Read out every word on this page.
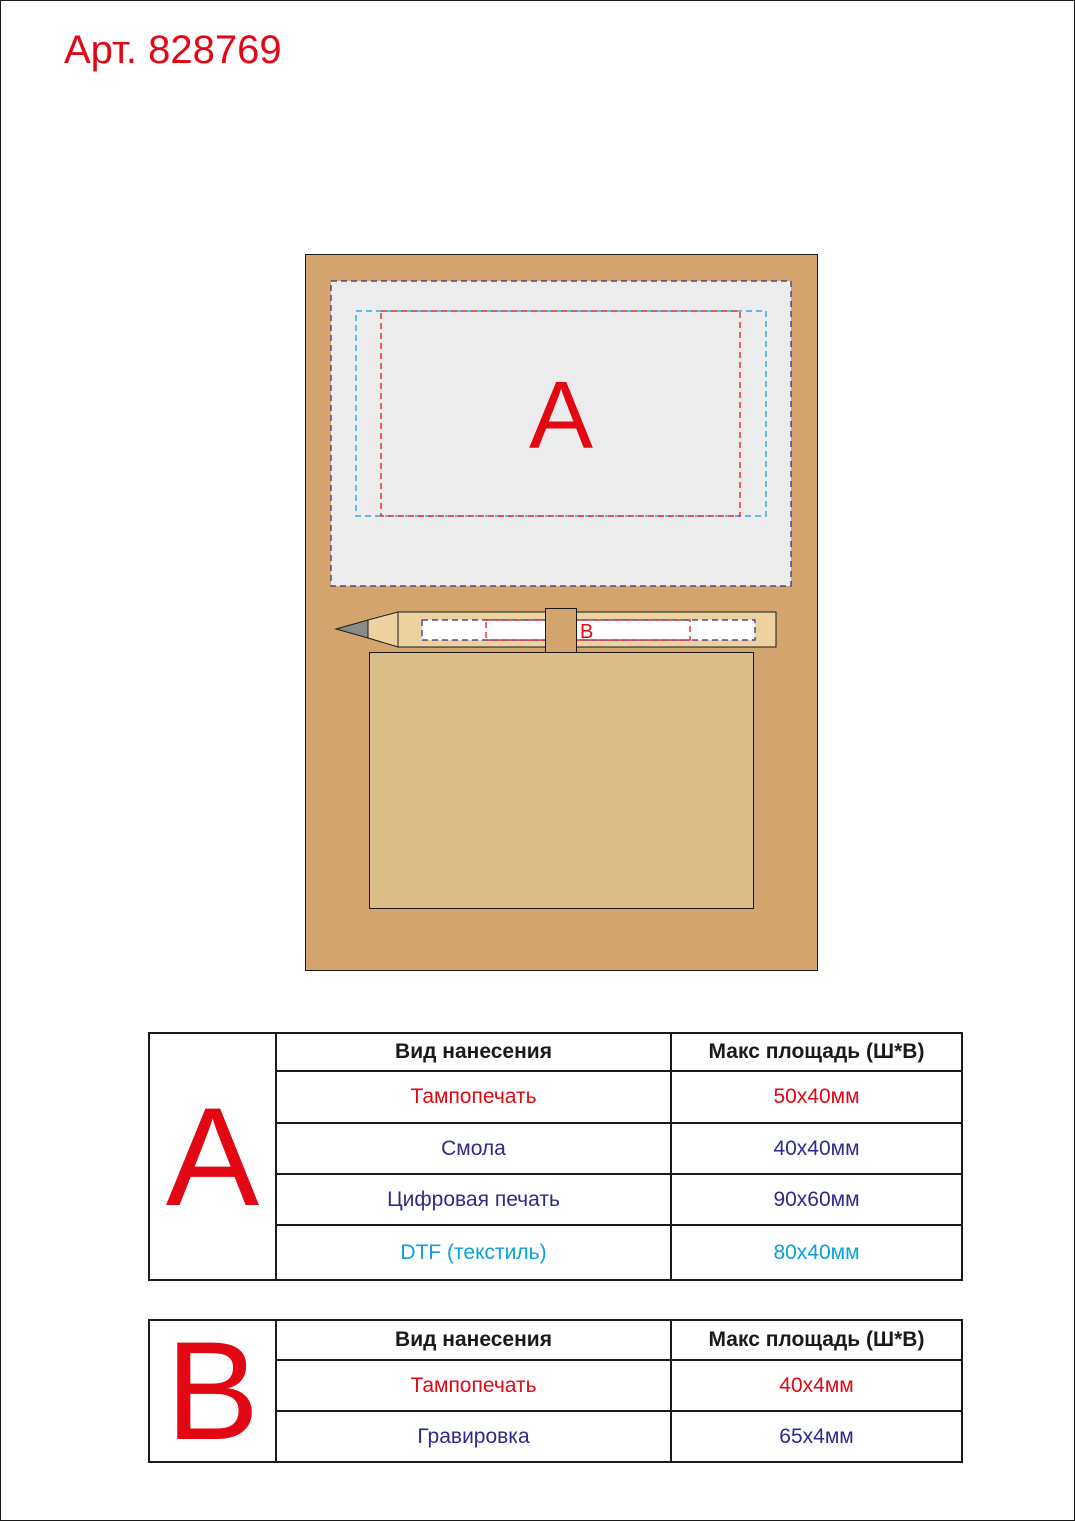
Арт. 828769
A
B
A	Вид нанесения	Макс площадь (Ш*В)
	Тампопечать	50x40мм
	Смола	40x40мм
	Цифровая печать	90x60мм
	DTF (текстиль)	80x40мм
B	Вид нанесения	Макс площадь (Ш*В)
	Тампопечать	40x4мм
	Гравировка	65x4мм
